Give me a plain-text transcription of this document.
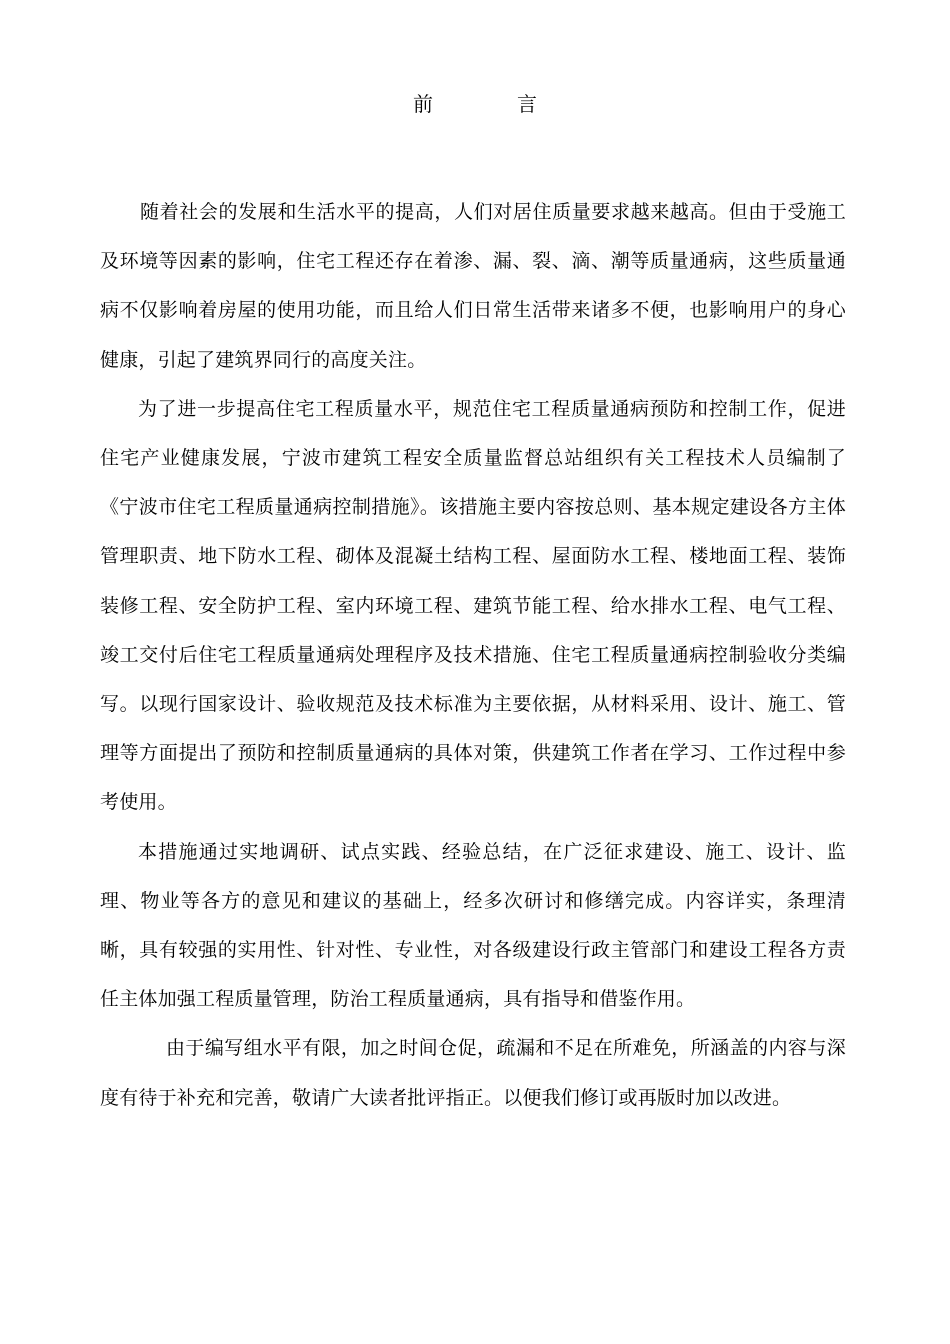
前	言

随着社会的发展和生活水平的提高，人们对居住质量要求越来越高。但由于受施工及环境等因素的影响，住宅工程还存在着渗、漏、裂、滴、潮等质量通病，这些质量通病不仅影响着房屋的使用功能，而且给人们日常生活带来诸多不便，也影响用户的身心健康，引起了建筑界同行的高度关注。

为了进一步提高住宅工程质量水平，规范住宅工程质量通病预防和控制工作，促进住宅产业健康发展，宁波市建筑工程安全质量监督总站组织有关工程技术人员编制了《宁波市住宅工程质量通病控制措施》。该措施主要内容按总则、基本规定建设各方主体管理职责、地下防水工程、砌体及混凝土结构工程、屋面防水工程、楼地面工程、装饰装修工程、安全防护工程、室内环境工程、建筑节能工程、给水排水工程、电气工程、竣工交付后住宅工程质量通病处理程序及技术措施、住宅工程质量通病控制验收分类编写。以现行国家设计、验收规范及技术标准为主要依据，从材料采用、设计、施工、管理等方面提出了预防和控制质量通病的具体对策，供建筑工作者在学习、工作过程中参考使用。

本措施通过实地调研、试点实践、经验总结，在广泛征求建设、施工、设计、监理、物业等各方的意见和建议的基础上，经多次研讨和修缮完成。内容详实，条理清晰，具有较强的实用性、针对性、专业性，对各级建设行政主管部门和建设工程各方责任主体加强工程质量管理，防治工程质量通病，具有指导和借鉴作用。

由于编写组水平有限，加之时间仓促，疏漏和不足在所难免，所涵盖的内容与深度有待于补充和完善，敬请广大读者批评指正。以便我们修订或再版时加以改进。
